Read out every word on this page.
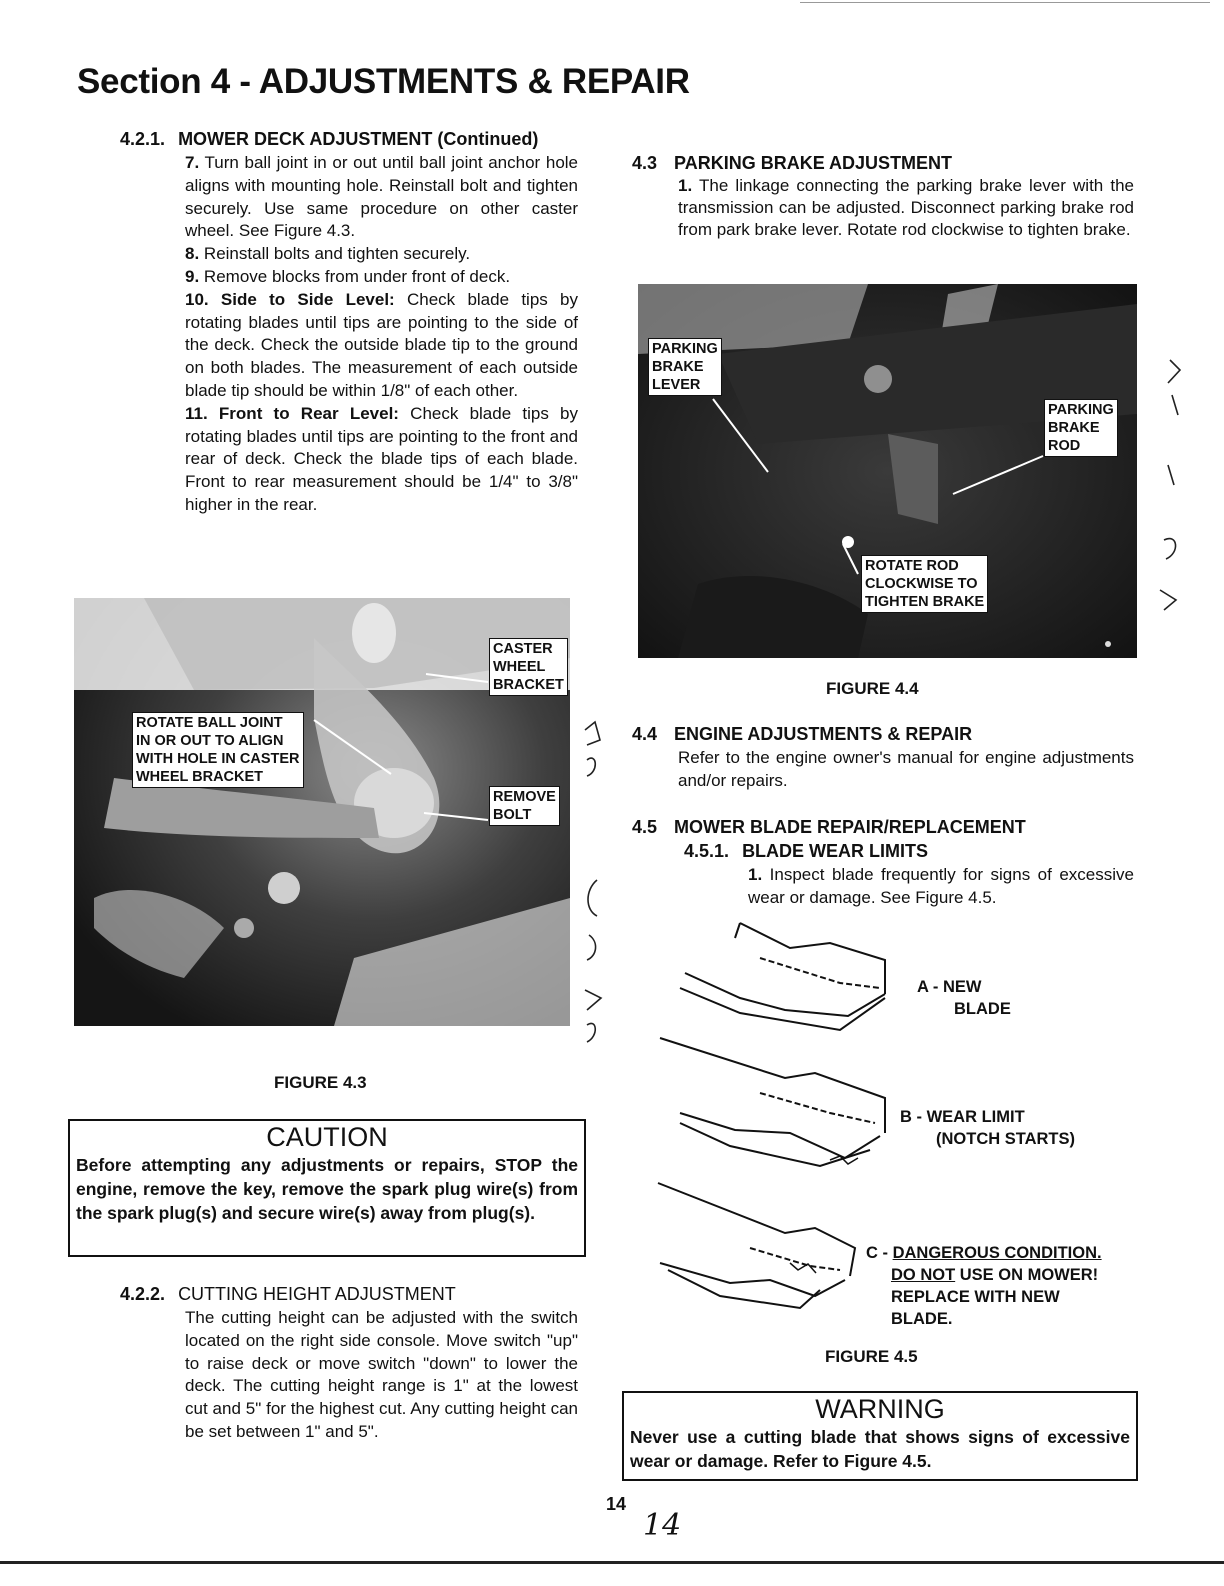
Section 4 - ADJUSTMENTS & REPAIR
4.2.1. MOWER DECK ADJUSTMENT (Continued)
7. Turn ball joint in or out until ball joint anchor hole aligns with mounting hole. Reinstall bolt and tighten securely. Use same procedure on other caster wheel. See Figure 4.3.
8. Reinstall bolts and tighten securely.
9. Remove blocks from under front of deck.
10. Side to Side Level: Check blade tips by rotating blades until tips are pointing to the side of the deck. Check the outside blade tip to the ground on both blades. The measurement of each outside blade tip should be within 1/8" of each other.
11. Front to Rear Level: Check blade tips by rotating blades until tips are pointing to the front and rear of deck. Check the blade tips of each blade. Front to rear measurement should be 1/4" to 3/8" higher in the rear.
CASTER
WHEEL
BRACKET
ROTATE BALL JOINT
IN OR OUT TO ALIGN
WITH HOLE IN CASTER
WHEEL BRACKET
REMOVE
BOLT
FIGURE 4.3
CAUTION
Before attempting any adjustments or repairs, STOP the engine, remove the key, remove the spark plug wire(s) from the spark plug(s) and secure wire(s) away from plug(s).
4.2.2. CUTTING HEIGHT ADJUSTMENT
The cutting height can be adjusted with the switch located on the right side console. Move switch "up" to raise deck or move switch "down" to lower the deck. The cutting height range is 1" at the lowest cut and 5" for the highest cut. Any cutting height can be set between 1" and 5".
4.3 PARKING BRAKE ADJUSTMENT
1. The linkage connecting the parking brake lever with the transmission can be adjusted. Disconnect parking brake rod from park brake lever. Rotate rod clockwise to tighten brake.
PARKING
BRAKE
LEVER
PARKING
BRAKE
ROD
ROTATE ROD
CLOCKWISE TO
TIGHTEN BRAKE
FIGURE 4.4
4.4 ENGINE ADJUSTMENTS & REPAIR
Refer to the engine owner's manual for engine adjustments and/or repairs.
4.5 MOWER BLADE REPAIR/REPLACEMENT
4.5.1. BLADE WEAR LIMITS
1. Inspect blade frequently for signs of excessive wear or damage. See Figure 4.5.
A - NEW
BLADE
B - WEAR LIMIT
(NOTCH STARTS)
C - DANGEROUS CONDITION.
DO NOT USE ON MOWER!
REPLACE WITH NEW
BLADE.
FIGURE 4.5
WARNING
Never use a cutting blade that shows signs of excessive wear or damage. Refer to Figure 4.5.
14
14
